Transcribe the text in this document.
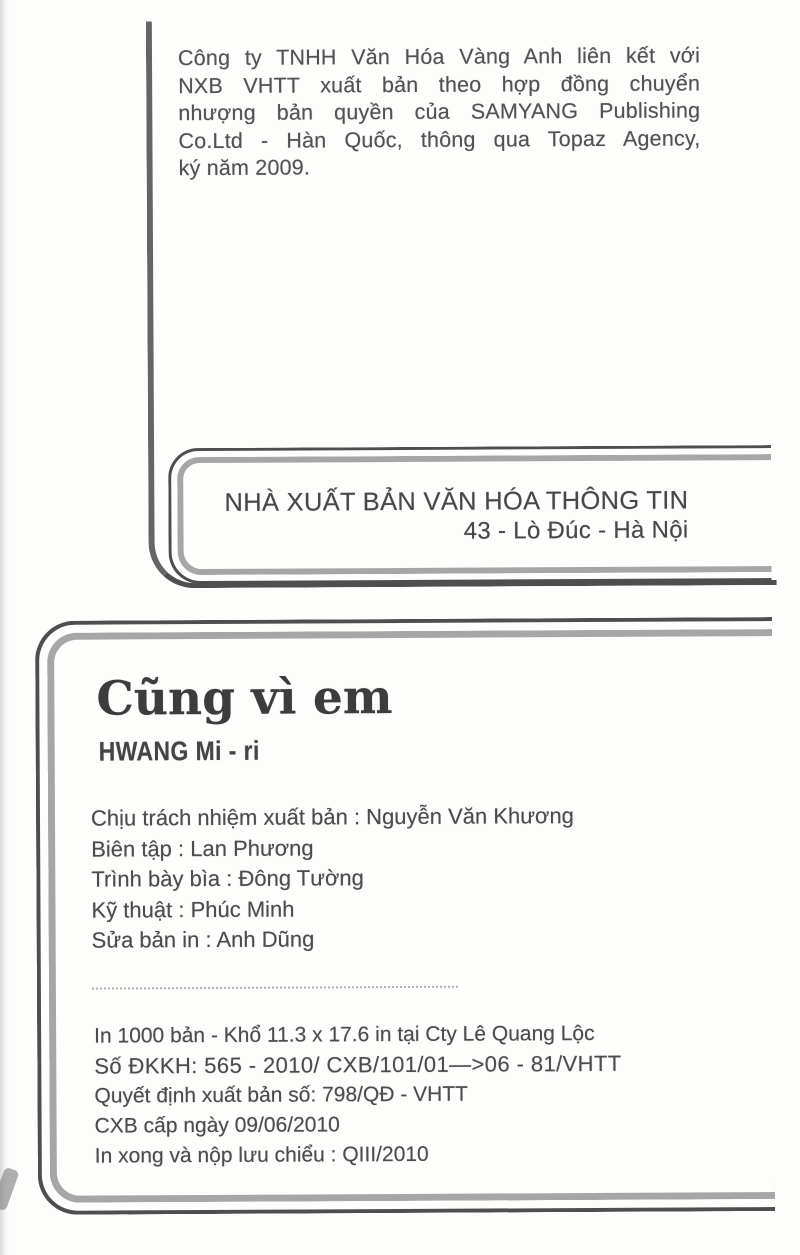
Công ty TNHH Văn Hóa Vàng Anh liên kết với
NXB VHTT xuất bản theo hợp đồng chuyển
nhượng bản quyền của SAMYANG Publishing
Co.Ltd - Hàn Quốc, thông qua Topaz Agency,
ký năm 2009.
NHÀ XUẤT BẢN VĂN HÓA THÔNG TIN
43 - Lò Đúc - Hà Nội
Cũng vì em
HWANG Mi - ri
Chịu trách nhiệm xuất bản : Nguyễn Văn Khương
Biên tập : Lan Phương
Trình bày bìa : Đông Tường
Kỹ thuật : Phúc Minh
Sửa bản in : Anh Dũng
In 1000 bản - Khổ 11.3 x 17.6 in tại Cty Lê Quang Lộc
Số ĐKKH: 565 - 2010/ CXB/101/01—>06 - 81/VHTT
Quyết định xuất bản số: 798/QĐ - VHTT
CXB cấp ngày 09/06/2010
In xong và nộp lưu chiểu : QIII/2010
